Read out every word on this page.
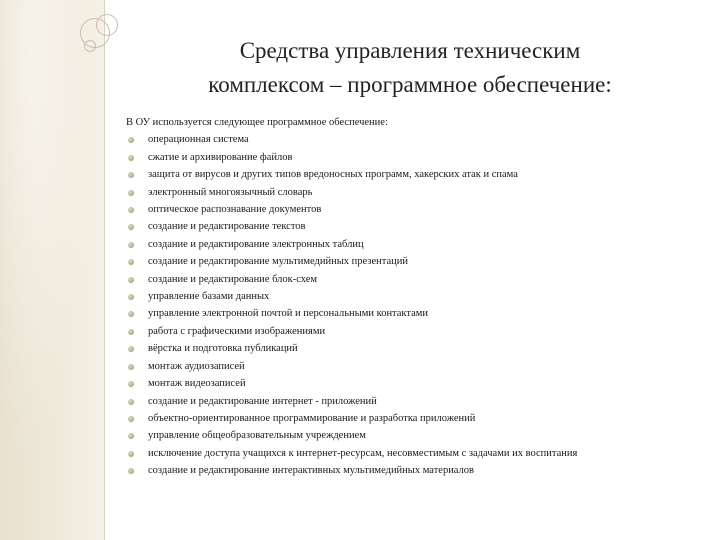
Средства управления техническим
комплексом – программное обеспечение:

В ОУ используется следующее программное обеспечение:

операционная система
сжатие и архивирование файлов
защита от вирусов и других типов вредоносных программ, хакерских атак и спама
электронный многоязычный словарь
оптическое распознавание документов
создание и редактирование текстов
создание и редактирование электронных таблиц
создание и редактирование мультимедийных презентаций
создание и редактирование блок-схем
управление базами данных
управление электронной почтой и персональными контактами
работа с графическими изображениями
вёрстка и подготовка публикаций
монтаж аудиозаписей
монтаж видеозаписей
создание и редактирование интернет - приложений
объектно-ориентированное программирование и разработка приложений
управление общеобразовательным учреждением
исключение доступа учащихся к интернет-ресурсам, несовместимым с задачами их воспитания
создание и редактирование интерактивных мультимедийных материалов
